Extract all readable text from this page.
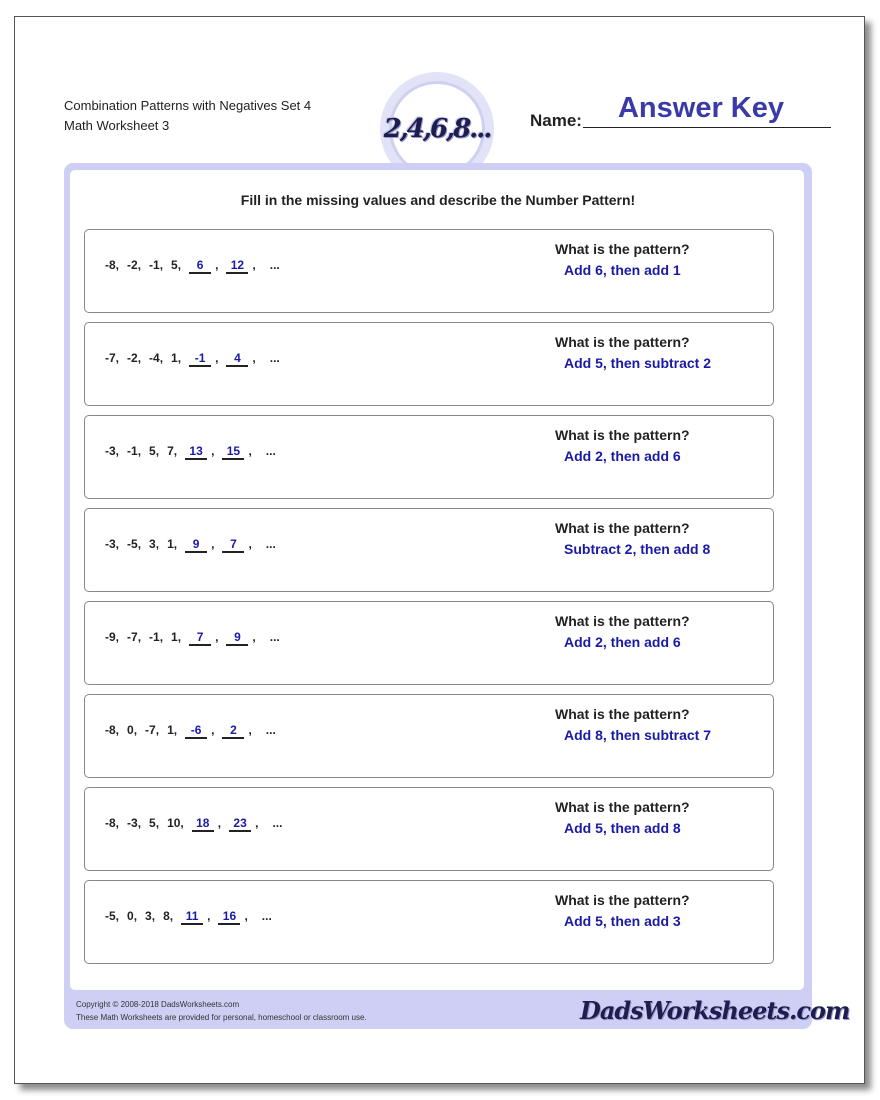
Combination Patterns with Negatives Set 4
Math Worksheet 3	2,4,6,8... Name:	Answer Key
Fill in the missing values and describe the Number Pattern!
-8, -2, -1, 5, 6 , 12 , ...
What is the pattern?
Add 6, then add 1
-7, -2, -4, 1, -1 , 4 , ...
What is the pattern?
Add 5, then subtract 2
-3, -1, 5, 7, 13 , 15 , ...
What is the pattern?
Add 2, then add 6
-3, -5, 3, 1, 9 , 7 , ...
What is the pattern?
Subtract 2, then add 8
-9, -7, -1, 1, 7 , 9 , ...
What is the pattern?
Add 2, then add 6
-8, 0, -7, 1, -6 , 2 , ...
What is the pattern?
Add 8, then subtract 7
-8, -3, 5, 10, 18 , 23 , ...
What is the pattern?
Add 5, then add 8
-5, 0, 3, 8, 11 , 16 , ...
What is the pattern?
Add 5, then add 3
Copyright © 2008-2018 DadsWorksheets.com
These Math Worksheets are provided for personal, homeschool or classroom use.	DadsWorksheets.com
